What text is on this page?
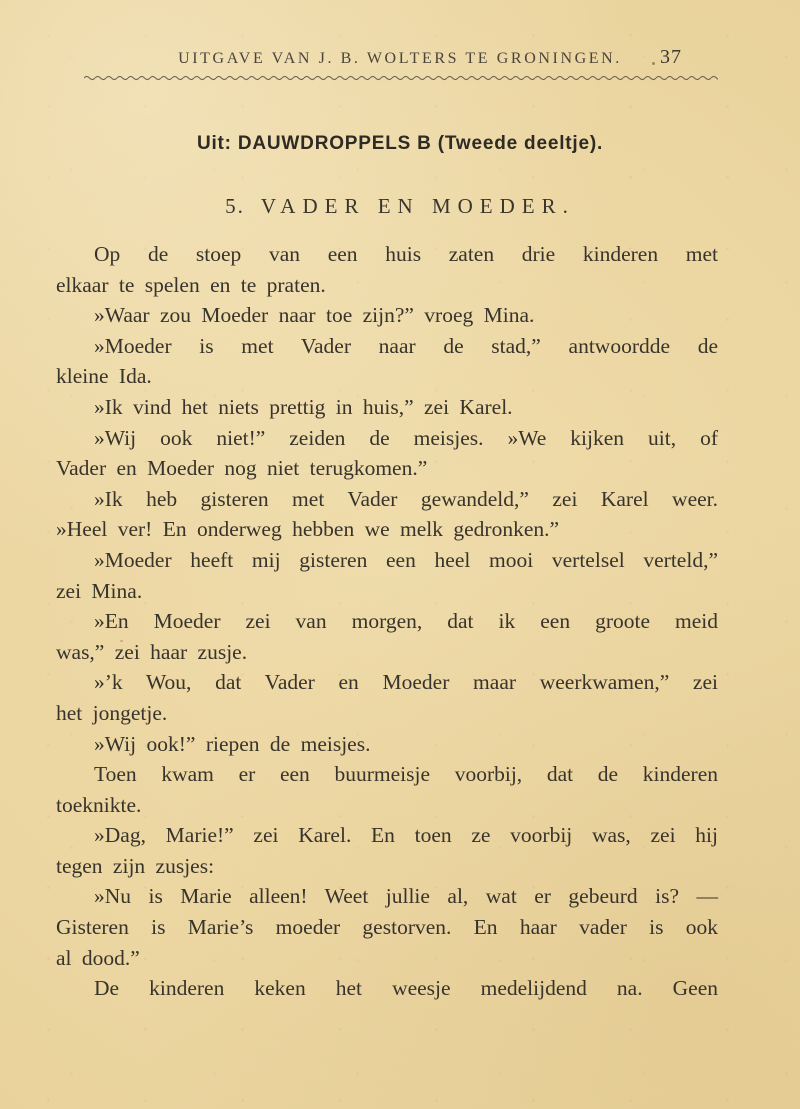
UITGAVE VAN J. B. WOLTERS TE GRONINGEN.	37
Uit: DAUWDROPPELS B (Tweede deeltje).
5. VADER EN MOEDER.
Op de stoep van een huis zaten drie kinderen met
elkaar te spelen en te praten.
»Waar zou Moeder naar toe zijn?” vroeg Mina.
»Moeder is met Vader naar de stad,” antwoordde de
kleine Ida.
»Ik vind het niets prettig in huis,” zei Karel.
»Wij ook niet!” zeiden de meisjes. »We kijken uit, of
Vader en Moeder nog niet terugkomen.”
»Ik heb gisteren met Vader gewandeld,” zei Karel weer.
»Heel ver! En onderweg hebben we melk gedronken.”
»Moeder heeft mij gisteren een heel mooi vertelsel verteld,”
zei Mina.
»En Moeder zei van morgen, dat ik een groote meid
was,” zei haar zusje.
»’k Wou, dat Vader en Moeder maar weerkwamen,” zei
het jongetje.
»Wij ook!” riepen de meisjes.
Toen kwam er een buurmeisje voorbij, dat de kinderen
toeknikte.
»Dag, Marie!” zei Karel. En toen ze voorbij was, zei hij
tegen zijn zusjes:
»Nu is Marie alleen! Weet jullie al, wat er gebeurd is? —
Gisteren is Marie’s moeder gestorven. En haar vader is ook
al dood.”
De kinderen keken het weesje medelijdend na. Geen
